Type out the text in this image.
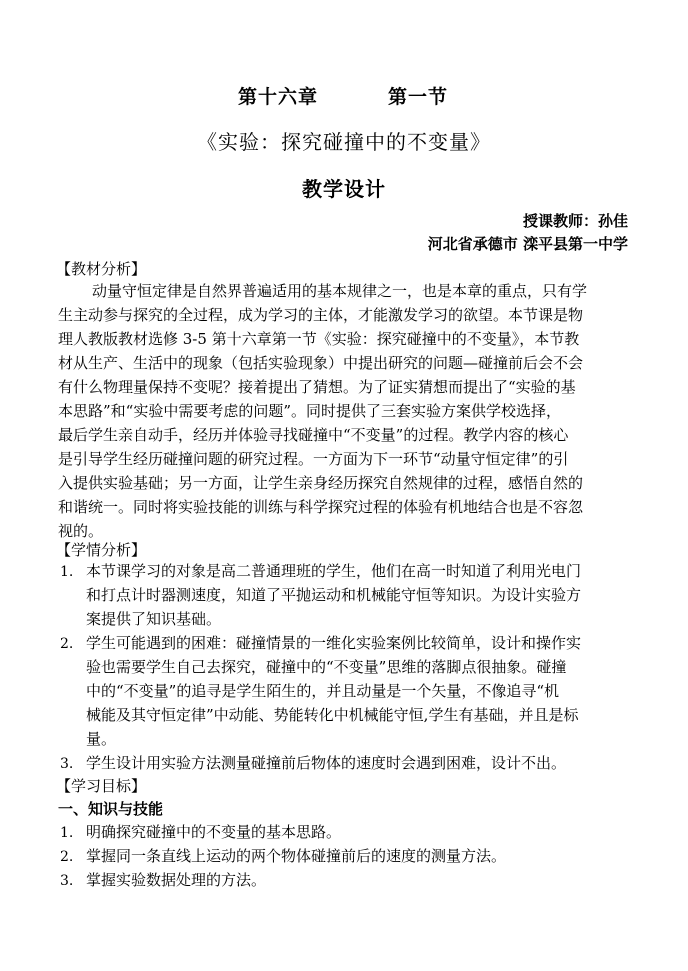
第十六章	第一节
《实验：探究碰撞中的不变量》
教学设计
授课教师：孙佳
河北省承德市 滦平县第一中学
【教材分析】
动量守恒定律是自然界普遍适用的基本规律之一，也是本章的重点，只有学
生主动参与探究的全过程，成为学习的主体，才能激发学习的欲望。本节课是物
理人教版教材选修 3-5 第十六章第一节《实验：探究碰撞中的不变量》，本节教
材从生产、生活中的现象（包括实验现象）中提出研究的问题—碰撞前后会不会
有什么物理量保持不变呢？接着提出了猜想。为了证实猜想而提出了“实验的基
本思路”和“实验中需要考虑的问题”。同时提供了三套实验方案供学校选择，
最后学生亲自动手，经历并体验寻找碰撞中“不变量”的过程。教学内容的核心
是引导学生经历碰撞问题的研究过程。一方面为下一环节“动量守恒定律”的引
入提供实验基础；另一方面，让学生亲身经历探究自然规律的过程，感悟自然的
和谐统一。同时将实验技能的训练与科学探究过程的体验有机地结合也是不容忽
视的。
【学情分析】
1. 本节课学习的对象是高二普通理班的学生，他们在高一时知道了利用光电门
和打点计时器测速度，知道了平抛运动和机械能守恒等知识。为设计实验方
案提供了知识基础。
2. 学生可能遇到的困难：碰撞情景的一维化实验案例比较简单，设计和操作实
验也需要学生自己去探究，碰撞中的“不变量”思维的落脚点很抽象。碰撞
中的“不变量”的追寻是学生陌生的，并且动量是一个矢量，不像追寻“机
械能及其守恒定律”中动能、势能转化中机械能守恒,学生有基础，并且是标
量。
3. 学生设计用实验方法测量碰撞前后物体的速度时会遇到困难，设计不出。
【学习目标】
一、知识与技能
1. 明确探究碰撞中的不变量的基本思路。
2. 掌握同一条直线上运动的两个物体碰撞前后的速度的测量方法。
3. 掌握实验数据处理的方法。
